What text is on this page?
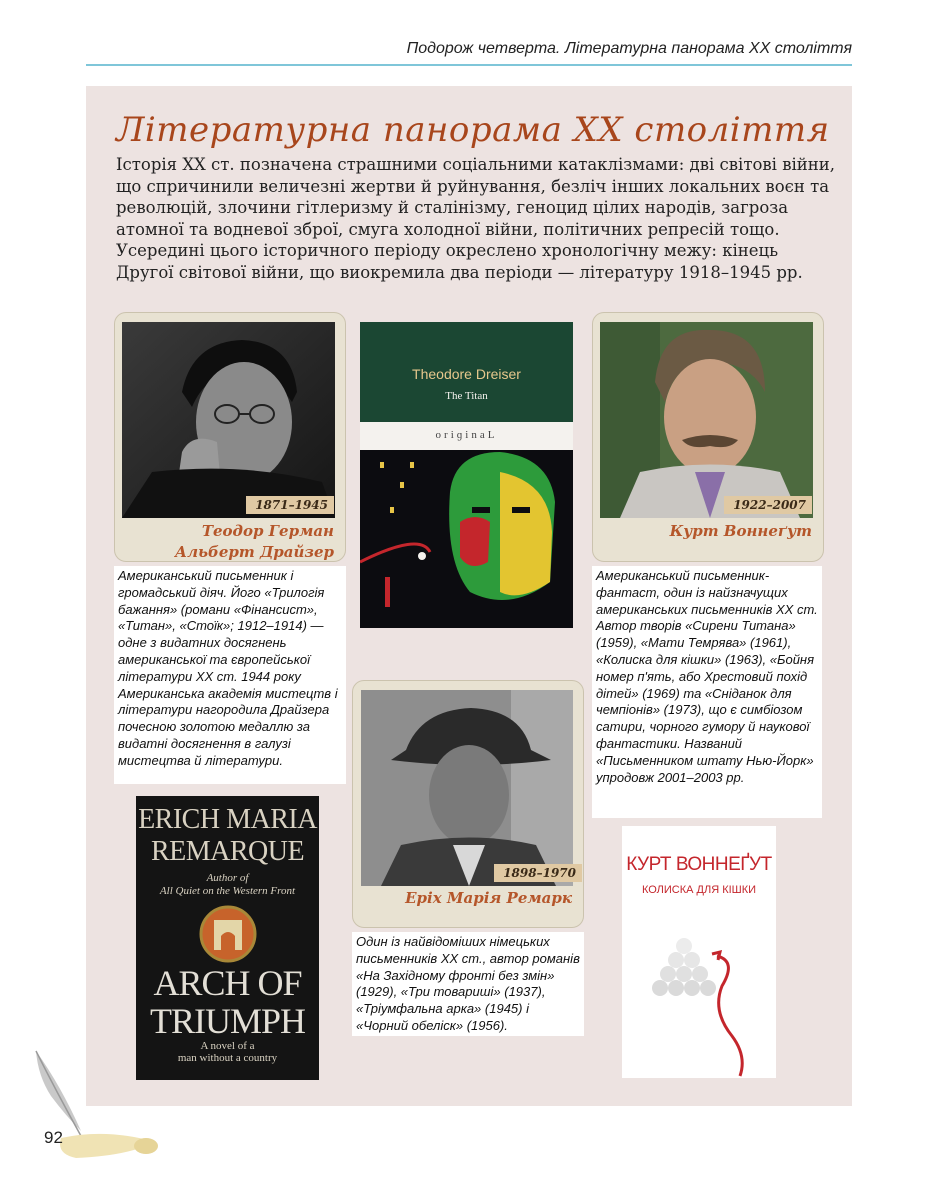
Подорож четверта. Літературна панорама XX століття
Літературна панорама XX століття

Історія XX ст. позначена страшними соціальними катаклізмами: дві світові війни, що спричинили величезні жертви й руйнування, безліч інших локальних воєн та революцій, злочини гітлеризму й сталінізму, геноцид цілих народів, загроза атомної та водневої зброї, смуга холодної війни, політичних репресій тощо.

Усередині цього історичного періоду окреслено хронологічну межу: кінець Другої світової війни, що виокремила два періоди — літературу 1918–1945 рр.

1871–1945
Теодор Герман
Альберт Драйзер
Американський письменник і громадський діяч. Його «Трилогія бажання» (романи «Фінансист», «Титан», «Стоїк»; 1912–1914) — одне з видатних досягнень американської та європейської літератури XX ст. 1944 року Американська академія мистецтв і літератури нагородила Драйзера почесною золотою медаллю за видатні досягнення в галузі мистецтва й літератури.
Theodore Dreiser
The Titan
oriɡinaL
1922–2007
Курт Воннеґут
Американський письменник-фантаст, один із найзначущих американських письменників XX ст. Автор творів «Сирени Титана» (1959), «Мати Темрява» (1961), «Колиска для кішки» (1963), «Бойня номер п'ять, або Хрестовий похід дітей» (1969) та «Сніданок для чемпіонів» (1973), що є симбіозом сатири, чорного гумору й наукової фантастики. Названий «Письменником штату Нью-Йорк» упродовж 2001–2003 рр.
1898–1970
Еріх Марія Ремарк
Один із найвідоміших німецьких письменників XX ст., автор романів «На Західному фронті без змін» (1929), «Три товариші» (1937), «Тріумфальна арка» (1945) і «Чорний обеліск» (1956).
ERICH MARIA
REMARQUE
Author of
All Quiet on the Western Front
ARCH OF
TRIUMPH
A novel of a
man without a country
КУРТ ВОННЕҐУТ
КОЛИСКА ДЛЯ КІШКИ
92
